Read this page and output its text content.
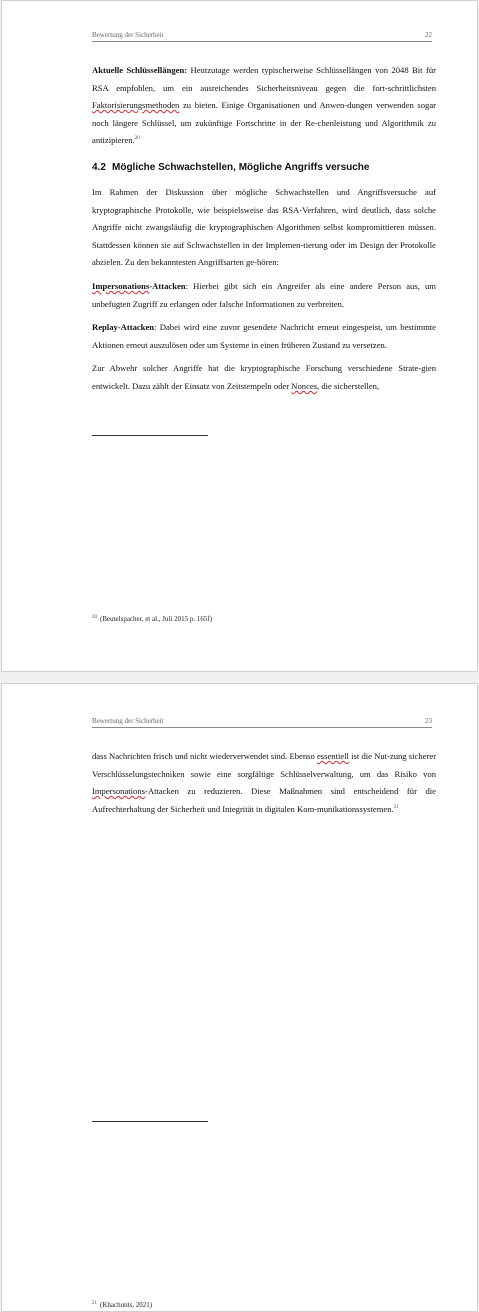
Bewertung der Sicherheit	22

Aktuelle Schlüssellängen: Heutzutage werden typischerweise Schlüssellängen von 2048 Bit für RSA empfohlen, um ein ausreichendes Sicherheitsniveau gegen die fort-schrittlichsten Faktorisierungsmethoden zu bieten. Einige Organisationen und Anwen-dungen verwenden sogar noch längere Schlüssel, um zukünftige Fortschritte in der Re-chenleistung und Algorithmik zu antizipieren.$^{20}$

4.2 Mögliche Schwachstellen, Mögliche Angriffs versuche

Im Rahmen der Diskussion über mögliche Schwachstellen und Angriffsversuche auf kryptographische Protokolle, wie beispielsweise das RSA-Verfahren, wird deutlich, dass solche Angriffe nicht zwangsläufig die kryptographischen Algorithmen selbst kompromittieren müssen. Stattdessen können sie auf Schwachstellen in der Implemen-tierung oder im Design der Protokolle abzielen. Zu den bekanntesten Angriffsarten ge-hören:

Impersonations-Attacken: Hierbei gibt sich ein Angreifer als eine andere Person aus, um unbefugten Zugriff zu erlangen oder falsche Informationen zu verbreiten.

Replay-Attacken: Dabei wird eine zuvor gesendete Nachricht erneut eingespeist, um bestimmte Aktionen erneut auszulösen oder um Systeme in einen früheren Zustand zu versetzen.

Zur Abwehr solcher Angriffe hat die kryptographische Forschung verschiedene Strate-gien entwickelt. Dazu zählt der Einsatz von Zeitstempeln oder Nonces, die sicherstellen,

$^{20}$ (Beutelspacher, et al., Juli 2015 p. 165f)
Bewertung der Sicherheit	23

dass Nachrichten frisch und nicht wiederverwendet sind. Ebenso essentiell ist die Nut-zung sicherer Verschlüsselungstechniken sowie eine sorgfältige Schlüsselverwaltung, um das Risiko von Impersonations-Attacken zu reduzieren. Diese Maßnahmen sind entscheidend für die Aufrechterhaltung der Sicherheit und Integrität in digitalen Kom-munikationssystemen.$^{21}$

$^{21}$ (Khachunts, 2021)
